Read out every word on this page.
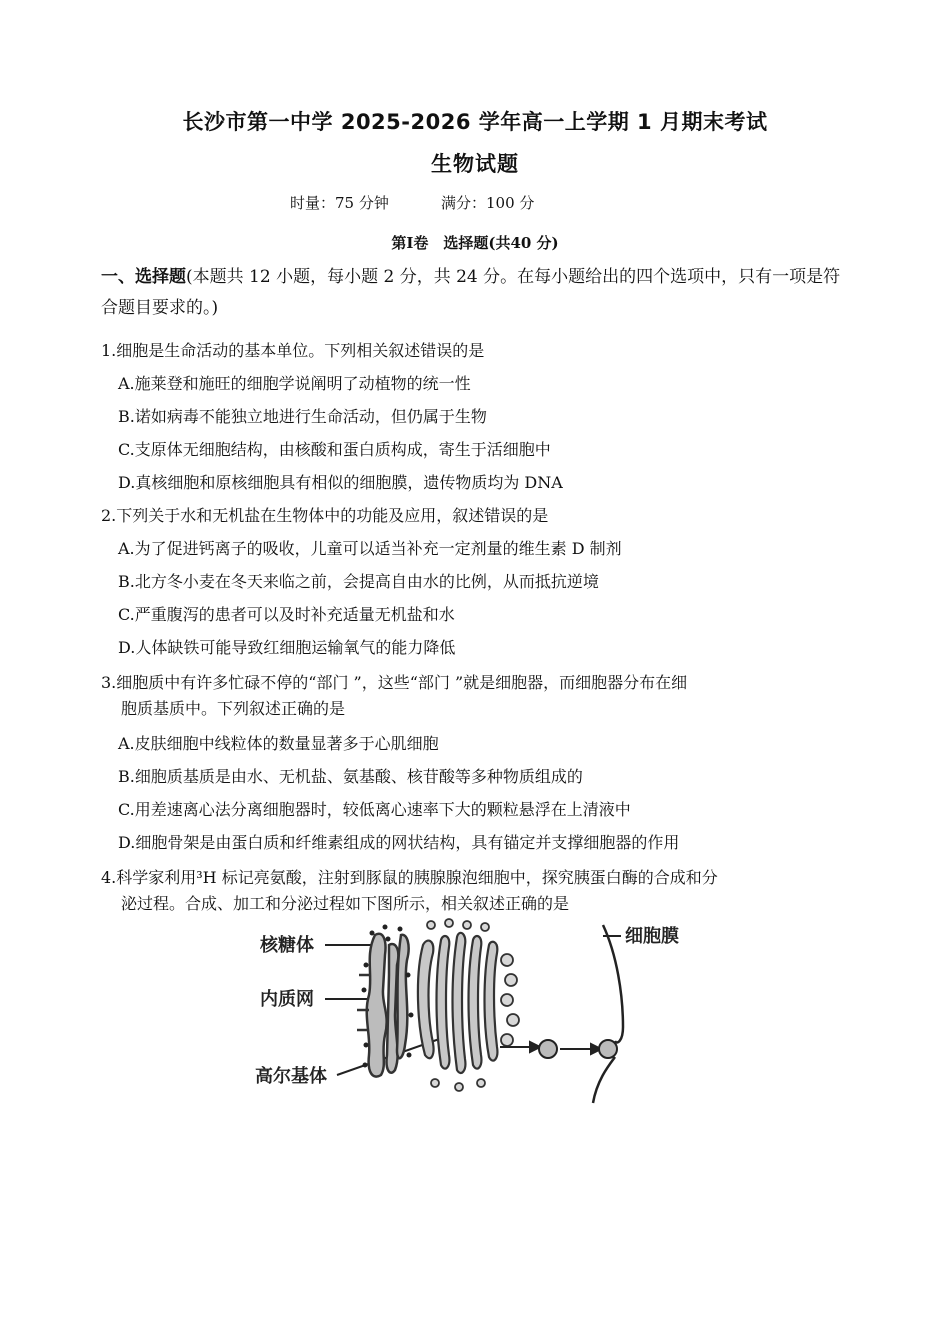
长沙市第一中学 2025-2026 学年高一上学期 1 月期末考试
生物试题
时量：75 分钟	满分：100 分
第Ⅰ卷　选择题(共40 分)
一、选择题(本题共 12 小题，每小题 2 分，共 24 分。在每小题给出的四个选项中，只有一项是符合题目要求的。)
1.细胞是生命活动的基本单位。下列相关叙述错误的是
A.施莱登和施旺的细胞学说阐明了动植物的统一性
B.诺如病毒不能独立地进行生命活动，但仍属于生物
C.支原体无细胞结构，由核酸和蛋白质构成，寄生于活细胞中
D.真核细胞和原核细胞具有相似的细胞膜，遗传物质均为 DNA
2.下列关于水和无机盐在生物体中的功能及应用，叙述错误的是
A.为了促进钙离子的吸收，儿童可以适当补充一定剂量的维生素 D 制剂
B.北方冬小麦在冬天来临之前，会提高自由水的比例，从而抵抗逆境
C.严重腹泻的患者可以及时补充适量无机盐和水
D.人体缺铁可能导致红细胞运输氧气的能力降低
3.细胞质中有许多忙碌不停的“部门 ”，这些“部门 ”就是细胞器，而细胞器分布在细
胞质基质中。下列叙述正确的是
A.皮肤细胞中线粒体的数量显著多于心肌细胞
B.细胞质基质是由水、无机盐、氨基酸、核苷酸等多种物质组成的
C.用差速离心法分离细胞器时，较低离心速率下大的颗粒悬浮在上清液中
D.细胞骨架是由蛋白质和纤维素组成的网状结构，具有锚定并支撑细胞器的作用
4.科学家利用³H 标记亮氨酸，注射到豚鼠的胰腺腺泡细胞中，探究胰蛋白酶的合成和分
泌过程。合成、加工和分泌过程如下图所示，相关叙述正确的是
核糖体
内质网
高尔基体
细胞膜
